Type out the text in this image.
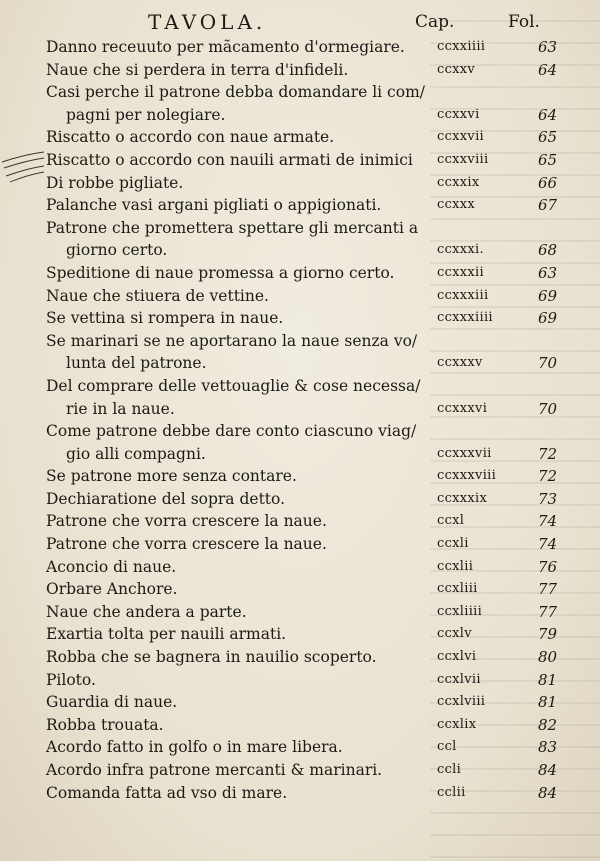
TAVOLA.	Cap.	Fol.
Danno receuuto per mãcamento d'ormegiare. ccxxiiii	63
Naue che si perdera in terra d'infideli.	ccxxv	64
Casi perche il patrone debba domandare li com/
pagni per nolegiare.	ccxxvi	64
Riscatto o accordo con naue armate.	ccxxvii	65
Riscatto o accordo con nauili armati de inimici ccxxviii	65
Di robbe pigliate.	ccxxix	66
Palanche vasi argani pigliati o appigionati.	ccxxx	67
Patrone che promettera spettare gli mercanti a
giorno certo.	ccxxxi.	68
Speditione di naue promessa a giorno certo.	ccxxxii	63
Naue che stiuera de vettine.	ccxxxiii	69
Se vettina si rompera in naue.	ccxxxiiii	69
Se marinari se ne aportarano la naue senza vo/
lunta del patrone.	ccxxxv	70
Del comprare delle vettouaglie & cose necessa/
rie in la naue.	ccxxxvi	70
Come patrone debbe dare conto ciascuno viag/
gio alli compagni.	ccxxxvii	72
Se patrone more senza contare.	ccxxxviii	72
Dechiaratione del sopra detto.	ccxxxix	73
Patrone che vorra crescere la naue.	ccxl	74
Patrone che vorra crescere la naue.	ccxli	74
Aconcio di naue.	ccxlii	76
Orbare Anchore.	ccxliii	77
Naue che andera a parte.	ccxliiii	77
Exartia tolta per nauili armati.	ccxlv	79
Robba che se bagnera in nauilio scoperto.	ccxlvi	80
Piloto.	ccxlvii	81
Guardia di naue.	ccxlviii	81
Robba trouata.	ccxlix	82
Acordo fatto in golfo o in mare libera.	ccl	83
Acordo infra patrone mercanti & marinari.	ccli	84
Comanda fatta ad vso di mare.	cclii	84
